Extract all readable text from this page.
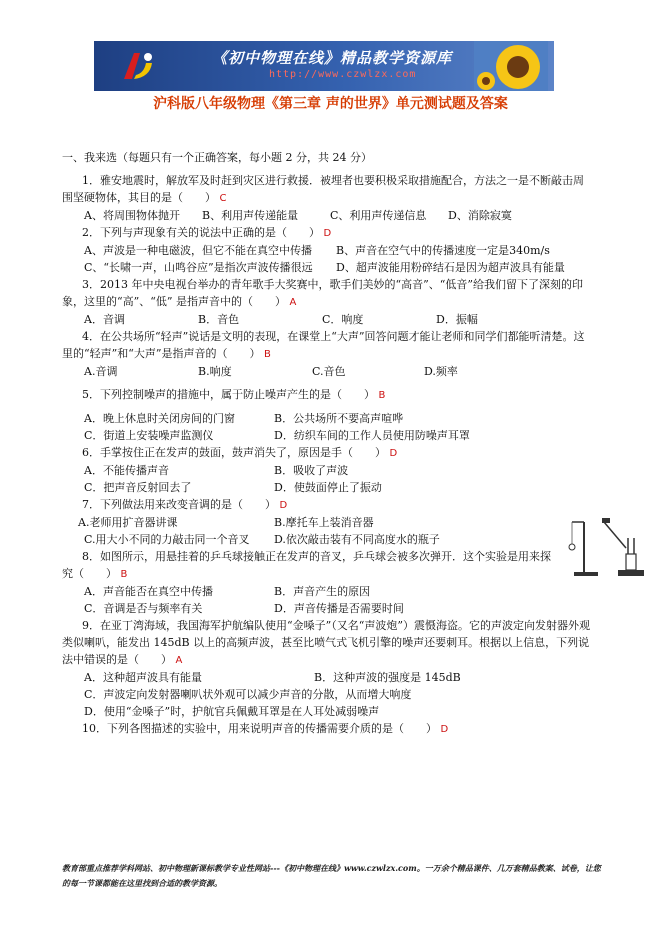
《初中物理在线》精品教学资源库
http://www.czwlzx.com
沪科版八年级物理《第三章 声的世界》单元测试题及答案

一、我来选（每题只有一个正确答案，每小题 2 分，共 24 分）

1．雅安地震时，解放军及时赶到灾区进行救援．被埋者也要积极采取措施配合，方法之一是不断敲击周围坚硬物体，其目的是（　　） C

A、将周围物体抛开	B、利用声传递能量	C、利用声传递信息	D、消除寂寞

2．下列与声现象有关的说法中正确的是（　　） D

A、声波是一种电磁波，但它不能在真空中传播	B、声音在空气中的传播速度一定是340m/s
C、“长啸一声，山鸣谷应”是指次声波传播很远	D、超声波能用粉碎结石是因为超声波具有能量

3．2013 年中央电视台举办的青年歌手大奖赛中，歌手们美妙的“高音”、“低音”给我们留下了深刻的印象，这里的“高”、“低” 是指声音中的（　　） A

A．音调	B．音色	C．响度	D．振幅

4．在公共场所“轻声”说话是文明的表现，在课堂上“大声”回答问题才能让老师和同学们都能听清楚。这里的“轻声”和“大声”是指声音的（　　） B

A.音调	B.响度	C.音色	D.频率

5．下列控制噪声的措施中，属于防止噪声产生的是（　　） B

A．晚上休息时关闭房间的门窗	B．公共场所不要高声喧哗
C．街道上安装噪声监测仪	D．纺织车间的工作人员使用防噪声耳罩

6．手掌按住正在发声的鼓面，鼓声消失了，原因是手（　　） D

A．不能传播声音	B．吸收了声波
C．把声音反射回去了	D．使鼓面停止了振动

7．下列做法用来改变音调的是（　　） D

A.老师用扩音器讲课	B.摩托车上装消音器
C.用大小不同的力敲击同一个音叉	D.依次敲击装有不同高度水的瓶子

8．如图所示，用悬挂着的乒乓球接触正在发声的音叉，乒乓球会被多次弹开．这个实验是用来探究（　　） B

A．声音能否在真空中传播	B．声音产生的原因
C．音调是否与频率有关	D．声音传播是否需要时间

9．在亚丁湾海域，我国海军护航编队使用“金嗓子”（又名“声波炮”）震慑海盗。它的声波定向发射器外观类似喇叭，能发出 145dB 以上的高频声波，甚至比喷气式飞机引擎的噪声还要刺耳。根据以上信息，下列说法中错误的是（　　） A

A．这种超声波具有能量	B．这种声波的强度是 145dB
C．声波定向发射器喇叭状外观可以减少声音的分散，从而增大响度
D．使用“金嗓子”时，护航官兵佩戴耳罩是在人耳处减弱噪声

10．下列各图描述的实验中，用来说明声音的传播需要介质的是（　　） D

教育部重点推荐学科网站、初中物理新课标教学专业性网站---《初中物理在线》www.czwlzx.com。一万余个精品课件、几万套精品教案、试卷，让您的每一节课都能在这里找到合适的教学资源。
